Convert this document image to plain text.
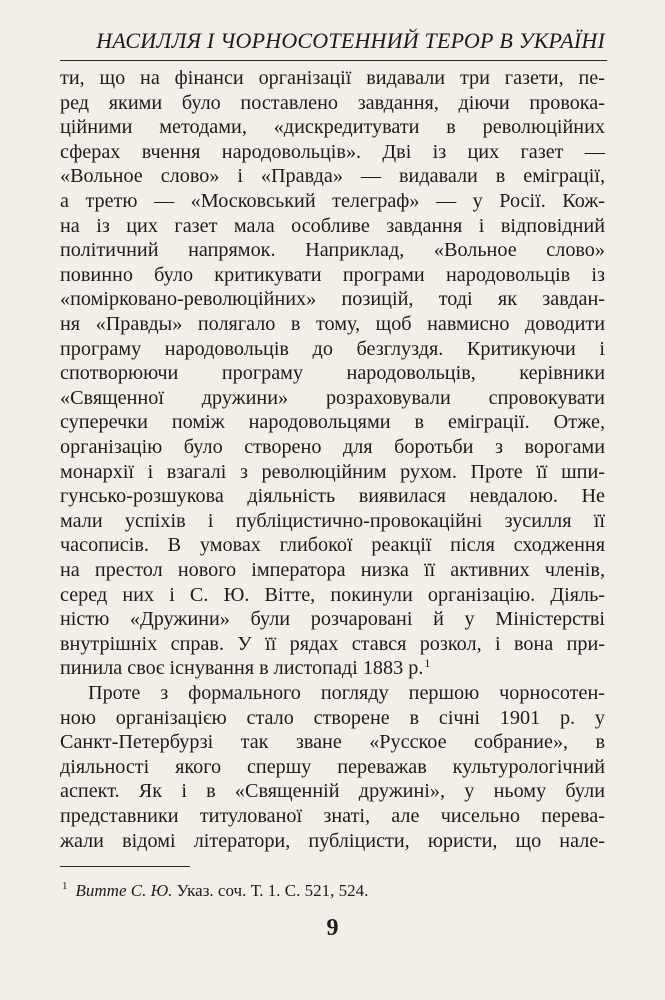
НАСИЛЛЯ І ЧОРНОСОТЕННИЙ ТЕРОР В УКРАЇНІ
ти, що на фінанси організації видавали три газети, пе-
ред якими було поставлено завдання, діючи провока-
ційними методами, «дискредитувати в революційних
сферах вчення народовольців». Дві із цих газет —
«Вольное слово» і «Правда» — видавали в еміграції,
а третю — «Московський телеграф» — у Росії. Кож-
на із цих газет мала особливе завдання і відповідний
політичний напрямок. Наприклад, «Вольное слово»
повинно було критикувати програми народовольців із
«помірковано-революційних» позицій, тоді як завдан-
ня «Правды» полягало в тому, щоб навмисно доводити
програму народовольців до безглуздя. Критикуючи і
спотворюючи програму народовольців, керівники
«Священної дружини» розраховували спровокувати
суперечки поміж народовольцями в еміграції. Отже,
організацію було створено для боротьби з ворогами
монархії і взагалі з революційним рухом. Проте її шпи-
гунсько-розшукова діяльність виявилася невдалою. Не
мали успіхів і публіцистично-провокаційні зусилля її
часописів. В умовах глибокої реакції після сходження
на престол нового імператора низка її активних членів,
серед них і С. Ю. Вітте, покинули організацію. Діяль-
ністю «Дружини» були розчаровані й у Міністерстві
внутрішніх справ. У її рядах стався розкол, і вона при-
пинила своє існування в листопаді 1883 р.$^1$
Проте з формального погляду першою чорносотен-
ною організацією стало створене в січні 1901 р. у
Санкт-Петербурзі так зване «Русское собрание», в
діяльності якого спершу переважав культурологічний
аспект. Як і в «Священній дружині», у ньому були
представники титулованої знаті, але чисельно перева-
жали відомі літератори, публіцисти, юристи, що нале-
$^1$ Витте С. Ю. Указ. соч. Т. 1. С. 521, 524.
9
